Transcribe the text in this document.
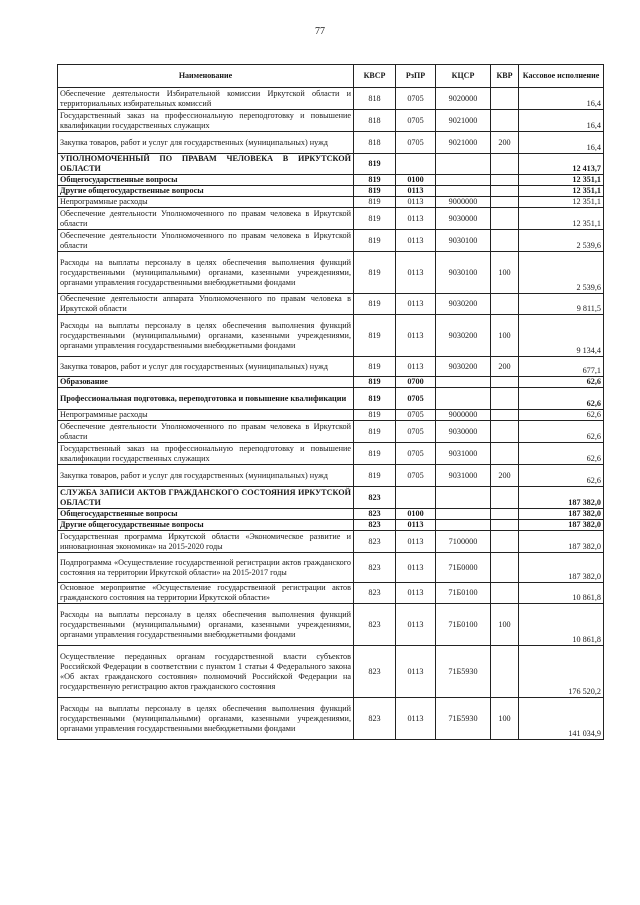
77
Наименование	КВСР	РзПР	КЦСР	КВР	Кассовое исполнение
Обеспечение деятельности Избирательной комиссии Иркутской области и территориальных избирательных комиссий	818	0705	9020000		16,4
Государственный заказ на профессиональную переподготовку и повышение квалификации государственных служащих	818	0705	9021000		16,4
Закупка товаров, работ и услуг для государственных (муниципальных) нужд	818	0705	9021000	200	16,4
УПОЛНОМОЧЕННЫЙ ПО ПРАВАМ ЧЕЛОВЕКА В ИРКУТСКОЙ ОБЛАСТИ	819				12 413,7
Общегосударственные вопросы	819	0100			12 351,1
Другие общегосударственные вопросы	819	0113			12 351,1
Непрограммные расходы	819	0113	9000000		12 351,1
Обеспечение деятельности Уполномоченного по правам человека в Иркутской области	819	0113	9030000		12 351,1
Обеспечение деятельности Уполномоченного по правам человека в Иркутской области	819	0113	9030100		2 539,6
Расходы на выплаты персоналу в целях обеспечения выполнения функций государственными (муниципальными) органами, казенными учреждениями, органами управления государственными внебюджетными фондами	819	0113	9030100	100	2 539,6
Обеспечение деятельности аппарата Уполномоченного по правам человека в Иркутской области	819	0113	9030200		9 811,5
Расходы на выплаты персоналу в целях обеспечения выполнения функций государственными (муниципальными) органами, казенными учреждениями, органами управления государственными внебюджетными фондами	819	0113	9030200	100	9 134,4
Закупка товаров, работ и услуг для государственных (муниципальных) нужд	819	0113	9030200	200	677,1
Образование	819	0700			62,6
Профессиональная подготовка, переподготовка и повышение квалификации	819	0705			62,6
Непрограммные расходы	819	0705	9000000		62,6
Обеспечение деятельности Уполномоченного по правам человека в Иркутской области	819	0705	9030000		62,6
Государственный заказ на профессиональную переподготовку и повышение квалификации государственных служащих	819	0705	9031000		62,6
Закупка товаров, работ и услуг для государственных (муниципальных) нужд	819	0705	9031000	200	62,6
СЛУЖБА ЗАПИСИ АКТОВ ГРАЖДАНСКОГО СОСТОЯНИЯ ИРКУТСКОЙ ОБЛАСТИ	823				187 382,0
Общегосударственные вопросы	823	0100			187 382,0
Другие общегосударственные вопросы	823	0113			187 382,0
Государственная программа Иркутской области «Экономическое развитие и инновационная экономика» на 2015-2020 годы	823	0113	7100000		187 382,0
Подпрограмма «Осуществление государственной регистрации актов гражданского состояния на территории Иркутской области» на 2015-2017 годы	823	0113	71Б0000		187 382,0
Основное мероприятие «Осуществление государственной регистрации актов гражданского состояния на территории Иркутской области»	823	0113	71Б0100		10 861,8
Расходы на выплаты персоналу в целях обеспечения выполнения функций государственными (муниципальными) органами, казенными учреждениями, органами управления государственными внебюджетными фондами	823	0113	71Б0100	100	10 861,8
Осуществление переданных органам государственной власти субъектов Российской Федерации в соответствии с пунктом 1 статьи 4 Федерального закона «Об актах гражданского состояния» полномочий Российской Федерации на государственную регистрацию актов гражданского состояния	823	0113	71Б5930		176 520,2
Расходы на выплаты персоналу в целях обеспечения выполнения функций государственными (муниципальными) органами, казенными учреждениями, органами управления государственными внебюджетными фондами	823	0113	71Б5930	100	141 034,9
